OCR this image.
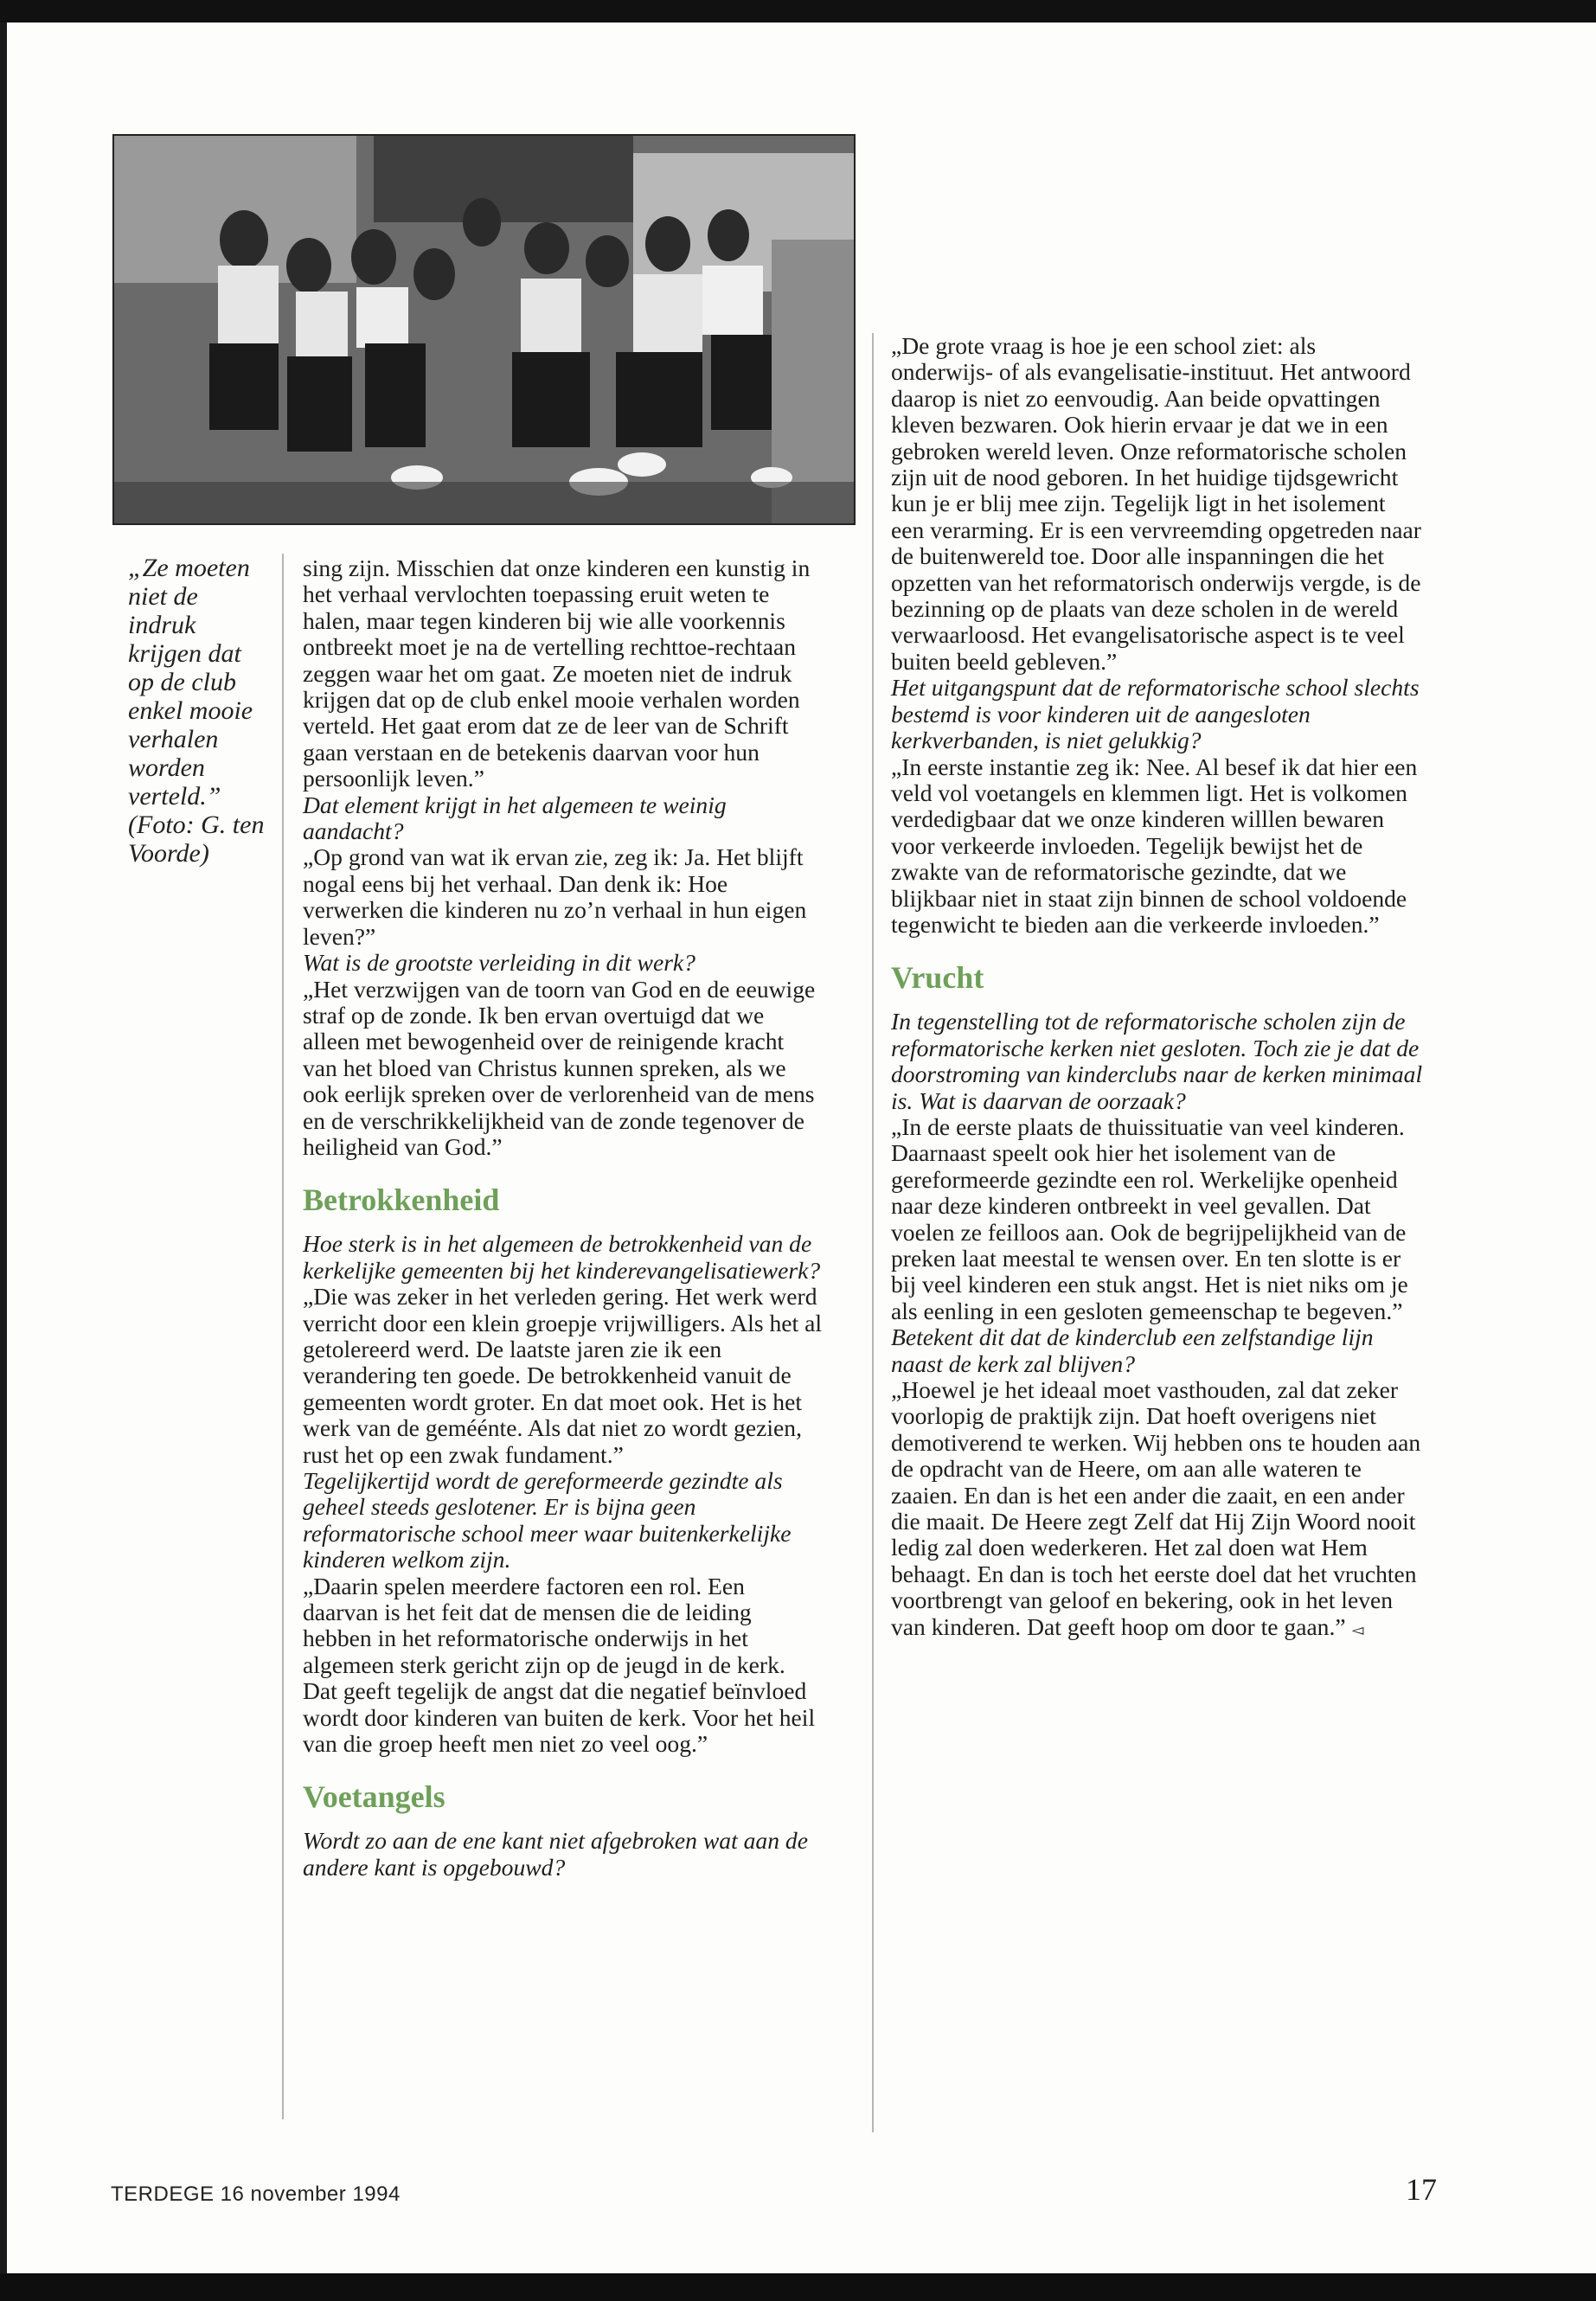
„Ze moeten niet de indruk krijgen dat op de club enkel mooie verhalen worden verteld.” (Foto: G. ten Voorde)

sing zijn. Misschien dat onze kinderen een kunstig in het verhaal vervlochten toepassing eruit weten te halen, maar tegen kinderen bij wie alle voorkennis ontbreekt moet je na de vertelling rechttoe-rechtaan zeggen waar het om gaat. Ze moeten niet de indruk krijgen dat op de club enkel mooie verhalen worden verteld. Het gaat erom dat ze de leer van de Schrift gaan verstaan en de betekenis daarvan voor hun persoonlijk leven.”

Dat element krijgt in het algemeen te weinig aandacht?

„Op grond van wat ik ervan zie, zeg ik: Ja. Het blijft nogal eens bij het verhaal. Dan denk ik: Hoe verwerken die kinderen nu zo’n verhaal in hun eigen leven?”

Wat is de grootste verleiding in dit werk?

„Het verzwijgen van de toorn van God en de eeuwige straf op de zonde. Ik ben ervan overtuigd dat we alleen met bewogenheid over de reinigende kracht van het bloed van Christus kunnen spreken, als we ook eerlijk spreken over de verlorenheid van de mens en de verschrikkelijkheid van de zonde tegenover de heiligheid van God.”

Betrokkenheid

Hoe sterk is in het algemeen de betrokkenheid van de kerkelijke gemeenten bij het kinderevangelisatiewerk?

„Die was zeker in het verleden gering. Het werk werd verricht door een klein groepje vrijwilligers. Als het al getolereerd werd. De laatste jaren zie ik een verandering ten goede. De betrokkenheid vanuit de gemeenten wordt groter. En dat moet ook. Het is het werk van de geméénte. Als dat niet zo wordt gezien, rust het op een zwak fundament.”

Tegelijkertijd wordt de gereformeerde gezindte als geheel steeds geslotener. Er is bijna geen reformatorische school meer waar buitenkerkelijke kinderen welkom zijn.

„Daarin spelen meerdere factoren een rol. Een daarvan is het feit dat de mensen die de leiding hebben in het reformatorische onderwijs in het algemeen sterk gericht zijn op de jeugd in de kerk. Dat geeft tegelijk de angst dat die negatief beïnvloed wordt door kinderen van buiten de kerk. Voor het heil van die groep heeft men niet zo veel oog.”

Voetangels

Wordt zo aan de ene kant niet afgebroken wat aan de andere kant is opgebouwd?

„De grote vraag is hoe je een school ziet: als onderwijs- of als evangelisatie-instituut. Het antwoord daarop is niet zo eenvoudig. Aan beide opvattingen kleven bezwaren. Ook hierin ervaar je dat we in een gebroken wereld leven. Onze reformatorische scholen zijn uit de nood geboren. In het huidige tijdsgewricht kun je er blij mee zijn. Tegelijk ligt in het isolement een verarming. Er is een vervreemding opgetreden naar de buitenwereld toe. Door alle inspanningen die het opzetten van het reformatorisch onderwijs vergde, is de bezinning op de plaats van deze scholen in de wereld verwaarloosd. Het evangelisatorische aspect is te veel buiten beeld gebleven.”

Het uitgangspunt dat de reformatorische school slechts bestemd is voor kinderen uit de aangesloten kerkverbanden, is niet gelukkig?

„In eerste instantie zeg ik: Nee. Al besef ik dat hier een veld vol voetangels en klemmen ligt. Het is volkomen verdedigbaar dat we onze kinderen willlen bewaren voor verkeerde invloeden. Tegelijk bewijst het de zwakte van de reformatorische gezindte, dat we blijkbaar niet in staat zijn binnen de school voldoende tegenwicht te bieden aan die verkeerde invloeden.”

Vrucht

In tegenstelling tot de reformatorische scholen zijn de reformatorische kerken niet gesloten. Toch zie je dat de doorstroming van kinderclubs naar de kerken minimaal is. Wat is daarvan de oorzaak?

„In de eerste plaats de thuissituatie van veel kinderen. Daarnaast speelt ook hier het isolement van de gereformeerde gezindte een rol. Werkelijke openheid naar deze kinderen ontbreekt in veel gevallen. Dat voelen ze feilloos aan. Ook de begrijpelijkheid van de preken laat meestal te wensen over. En ten slotte is er bij veel kinderen een stuk angst. Het is niet niks om je als eenling in een gesloten gemeenschap te begeven.”

Betekent dit dat de kinderclub een zelfstandige lijn naast de kerk zal blijven?

„Hoewel je het ideaal moet vasthouden, zal dat zeker voorlopig de praktijk zijn. Dat hoeft overigens niet demotiverend te werken. Wij hebben ons te houden aan de opdracht van de Heere, om aan alle wateren te zaaien. En dan is het een ander die zaait, en een ander die maait. De Heere zegt Zelf dat Hij Zijn Woord nooit ledig zal doen wederkeren. Het zal doen wat Hem behaagt. En dan is toch het eerste doel dat het vruchten voortbrengt van geloof en bekering, ook in het leven van kinderen. Dat geeft hoop om door te gaan.” ◅

TERDEGE 16 november 1994	17
